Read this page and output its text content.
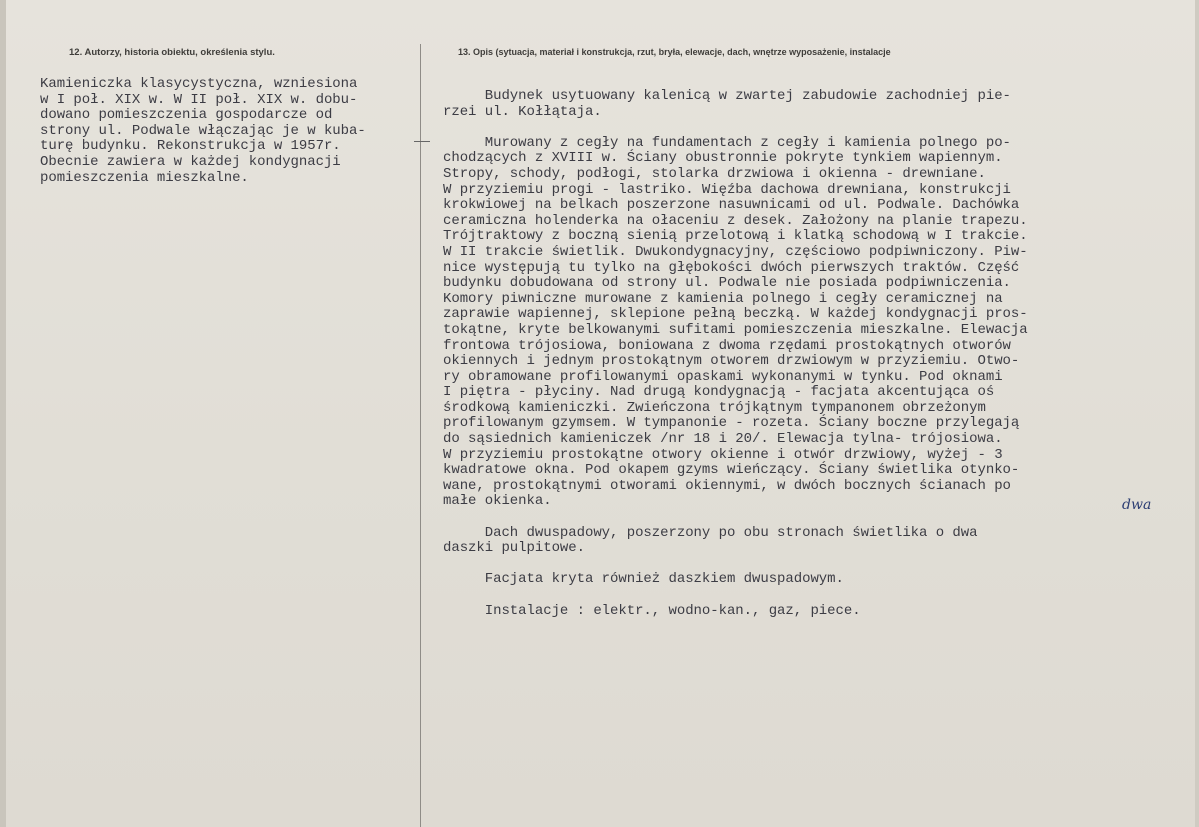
12. Autorzy, historia obiektu, określenia stylu.	13. Opis (sytuacja, materiał i konstrukcja, rzut, bryła, elewacje, dach, wnętrze wyposażenie, instalacje
Kamieniczka klasycystyczna, wzniesiona
w I poł. XIX w. W II poł. XIX w. dobu-
dowano pomieszczenia gospodarcze od
strony ul. Podwale włączając je w kuba-
turę budynku. Rekonstrukcja w 1957r.
Obecnie zawiera w każdej kondygnacji
pomieszczenia mieszkalne.
Budynek usytuowany kalenicą w zwartej zabudowie zachodniej pie-
rzei ul. Kołłątaja.

Murowany z cegły na fundamentach z cegły i kamienia polnego po-
chodzących z XVIII w. Ściany obustronnie pokryte tynkiem wapiennym.
Stropy, schody, podłogi, stolarka drzwiowa i okienna - drewniane.
W przyziemiu progi - lastriko. Więźba dachowa drewniana, konstrukcji
krokwiowej na belkach poszerzone nasuwnicami od ul. Podwale. Dachówka
ceramiczna holenderka na ołaceniu z desek. Założony na planie trapezu.
Trójtraktowy z boczną sienią przelotową i klatką schodową w I trakcie.
W II trakcie świetlik. Dwukondygnacyjny, częściowo podpiwniczony. Piw-
nice występują tu tylko na głębokości dwóch pierwszych traktów. Część
budynku dobudowana od strony ul. Podwale nie posiada podpiwniczenia.
Komory piwniczne murowane z kamienia polnego i cegły ceramicznej na
zaprawie wapiennej, sklepione pełną beczką. W każdej kondygnacji pros-
tokątne, kryte belkowanymi sufitami pomieszczenia mieszkalne. Elewacja
frontowa trójosiowa, boniowana z dwoma rzędami prostokątnych otworów
okiennych i jednym prostokątnym otworem drzwiowym w przyziemiu. Otwo-
ry obramowane profilowanymi opaskami wykonanymi w tynku. Pod oknami
I piętra - płyciny. Nad drugą kondygnacją - facjata akcentująca oś
środkową kamieniczki. Zwieńczona trójkątnym tympanonem obrzeżonym
profilowanym gzymsem. W tympanonie - rozeta. Ściany boczne przylegają
do sąsiednich kamieniczek /nr 18 i 20/. Elewacja tylna- trójosiowa.
W przyziemiu prostokątne otwory okienne i otwór drzwiowy, wyżej - 3
kwadratowe okna. Pod okapem gzyms wieńczący. Ściany świetlika otynko-
wane, prostokątnymi otworami okiennymi, w dwóch bocznych ścianach po
małe okienka.

Dach dwuspadowy, poszerzony po obu stronach świetlika o dwa
daszki pulpitowe.

Facjata kryta również daszkiem dwuspadowym.

Instalacje : elektr., wodno-kan., gaz, piece.
dwa
